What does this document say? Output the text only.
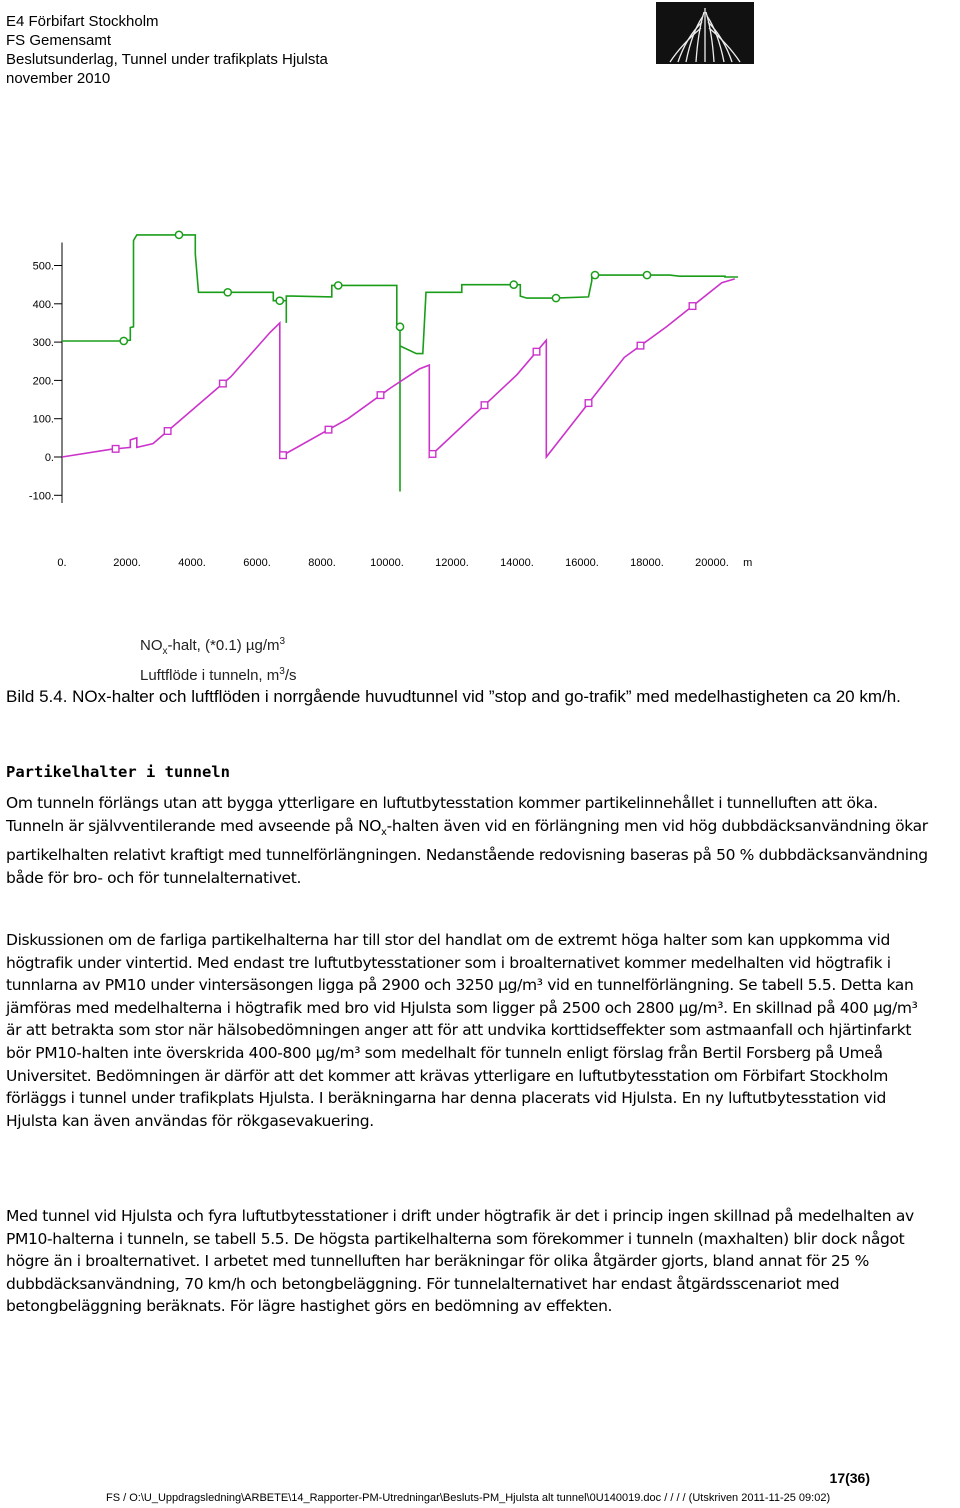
E4 Förbifart Stockholm
FS Gemensamt
Beslutsunderlag, Tunnel under trafikplats Hjulsta
november 2010
500.
400.
300.
200.
100.
0.
-100.
0.	2000.	4000.	6000.	8000.	10000.	12000.	14000.	16000.	18000.	20000. m
$NO_x$-halt, (*0.1) $\mu g/m^3$
Luftflöde i tunneln, $m^3/s$
Bild 5.4. NOx-halter och luftflöden i norrgående huvudtunnel vid ”stop and go-trafik” med medelhastigheten ca 20 km/h.
Partikelhalter i tunneln
Om tunneln förlängs utan att bygga ytterligare en luftutbytesstation kommer partikelinnehållet i tunnelluften att öka. Tunneln är självventilerande med avseende på $NO_x$-halten även vid en förlängning men vid hög dubbdäcksanvändning ökar partikelhalten relativt kraftigt med tunnelförlängningen. Nedanstående redovisning baseras på 50 % dubbdäcksanvändning både för bro- och för tunnelalternativet.
Diskussionen om de farliga partikelhalterna har till stor del handlat om de extremt höga halter som kan uppkomma vid högtrafik under vintertid. Med endast tre luftutbytesstationer som i broalternativet kommer medelhalten vid högtrafik i tunnlarna av PM10 under vintersäsongen ligga på 2900 och 3250 µg/m³ vid en tunnelförlängning. Se tabell 5.5. Detta kan jämföras med medelhalterna i högtrafik med bro vid Hjulsta som ligger på 2500 och 2800 µg/m³. En skillnad på 400 µg/m³ är att betrakta som stor när hälsobedömningen anger att för att undvika korttidseffekter som astmaanfall och hjärtinfarkt bör PM10-halten inte överskrida 400-800 µg/m³ som medelhalt för tunneln enligt förslag från Bertil Forsberg på Umeå Universitet. Bedömningen är därför att det kommer att krävas ytterligare en luftutbytesstation om Förbifart Stockholm förläggs i tunnel under trafikplats Hjulsta. I beräkningarna har denna placerats vid Hjulsta. En ny luftutbytesstation vid Hjulsta kan även användas för rökgasevakuering.
Med tunnel vid Hjulsta och fyra luftutbytesstationer i drift under högtrafik är det i princip ingen skillnad på medelhalten av PM10-halterna i tunneln, se tabell 5.5. De högsta partikelhalterna som förekommer i tunneln (maxhalten) blir dock något högre än i broalternativet. I arbetet med tunnelluften har beräkningar för olika åtgärder gjorts, bland annat för 25 % dubbdäcksanvändning, 70 km/h och betongbeläggning. För tunnelalternativet har endast åtgärdsscenariot med betongbeläggning beräknats. För lägre hastighet görs en bedömning av effekten.
17(36)
FS / O:\U_Uppdragsledning\ARBETE\14_Rapporter-PM-Utredningar\Besluts-PM_Hjulsta alt tunnel\0U140019.doc / / / / (Utskriven 2011-11-25 09:02)
